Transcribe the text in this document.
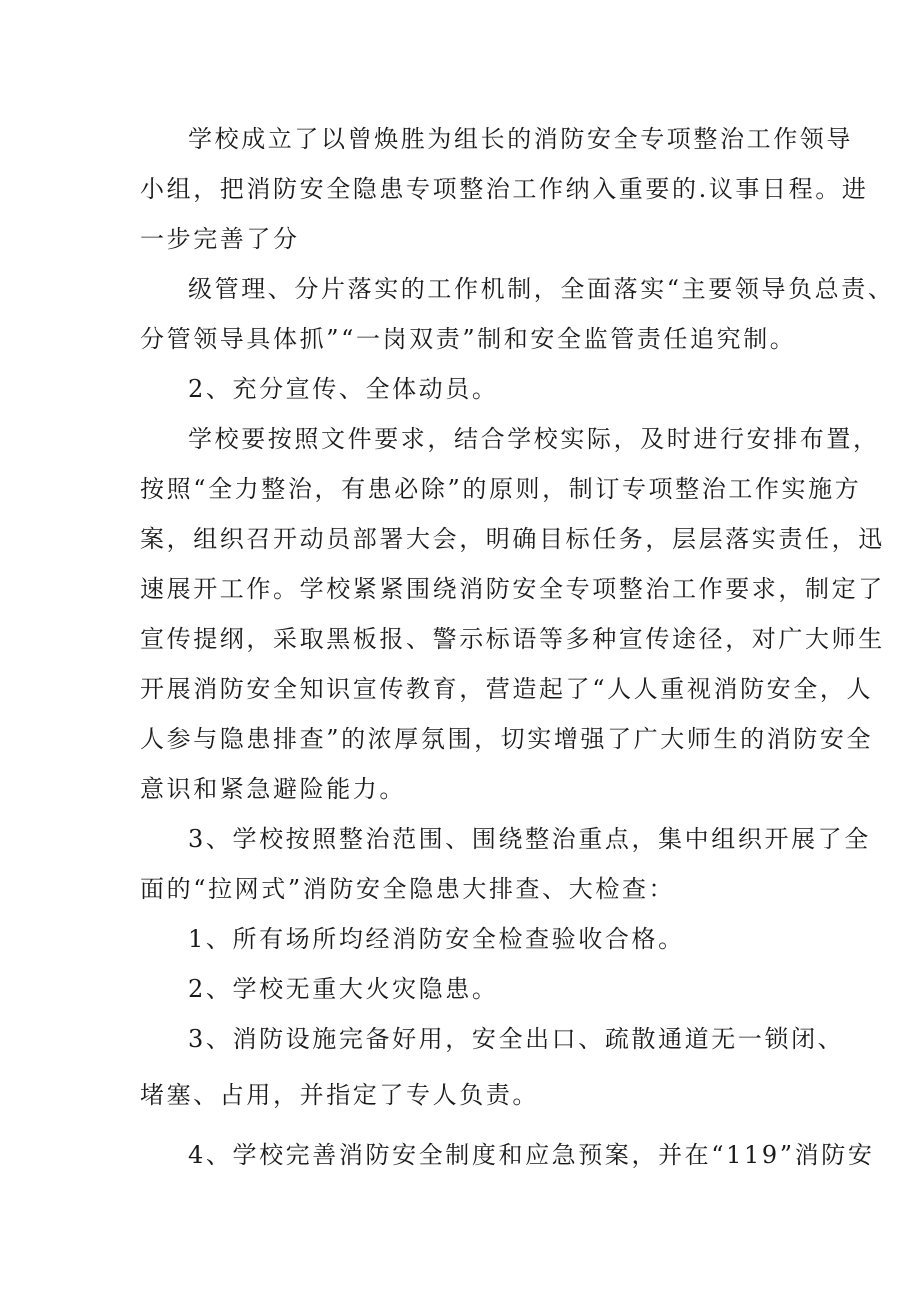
学校成立了以曾焕胜为组长的消防安全专项整治工作领导
小组，把消防安全隐患专项整治工作纳入重要的.议事日程。进
一步完善了分
级管理、分片落实的工作机制，全面落实“主要领导负总责、
分管领导具体抓”“一岗双责”制和安全监管责任追究制。
2、充分宣传、全体动员。
学校要按照文件要求，结合学校实际，及时进行安排布置，
按照“全力整治，有患必除”的原则，制订专项整治工作实施方
案，组织召开动员部署大会，明确目标任务，层层落实责任，迅
速展开工作。学校紧紧围绕消防安全专项整治工作要求，制定了
宣传提纲，采取黑板报、警示标语等多种宣传途径，对广大师生
开展消防安全知识宣传教育，营造起了“人人重视消防安全，人
人参与隐患排查”的浓厚氛围，切实增强了广大师生的消防安全
意识和紧急避险能力。
3、学校按照整治范围、围绕整治重点，集中组织开展了全
面的“拉网式”消防安全隐患大排查、大检查：
1、所有场所均经消防安全检查验收合格。
2、学校无重大火灾隐患。
3、消防设施完备好用，安全出口、疏散通道无一锁闭、
堵塞、占用，并指定了专人负责。
4、学校完善消防安全制度和应急预案，并在“119”消防安
